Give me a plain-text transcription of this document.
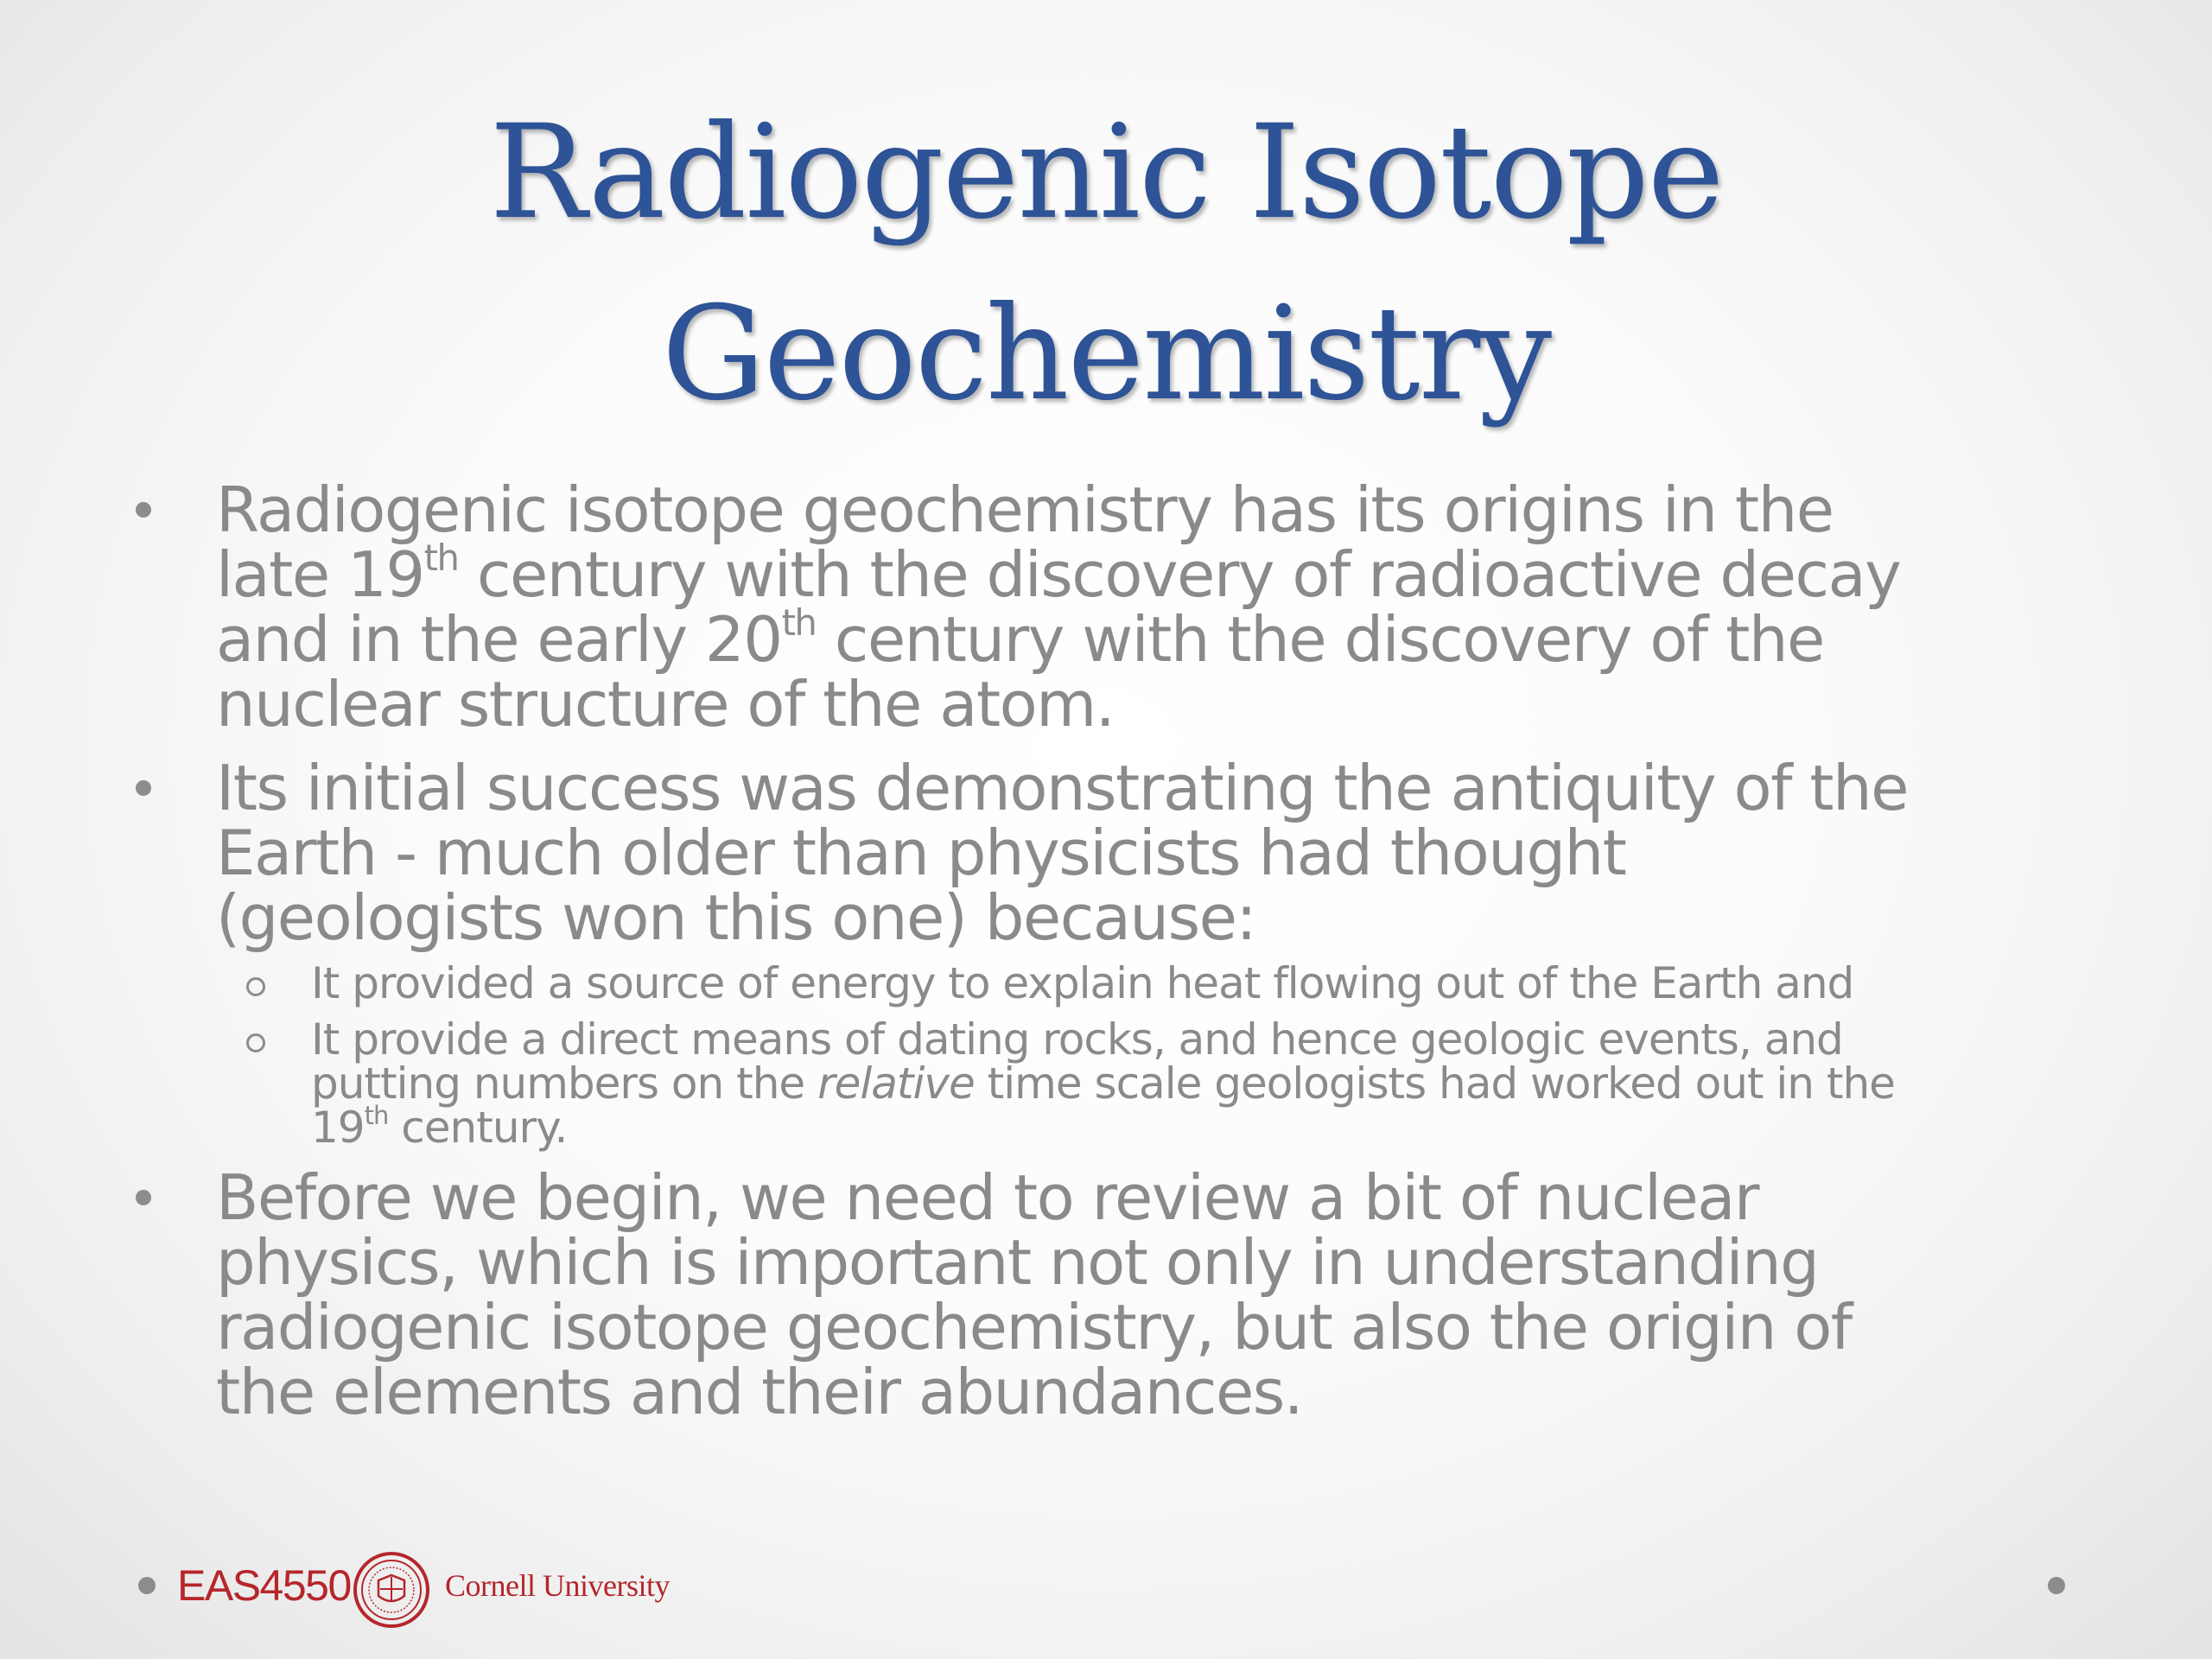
Radiogenic Isotope
Geochemistry
Radiogenic isotope geochemistry has its origins in the
late 19th century with the discovery of radioactive decay
and in the early 20th century with the discovery of the
nuclear structure of the atom.
Its initial success was demonstrating the antiquity of the
Earth - much older than physicists had thought
(geologists won this one) because:
It provided a source of energy to explain heat flowing out of the Earth and
It provide a direct means of dating rocks, and hence geologic events, and
putting numbers on the relative time scale geologists had worked out in the
19th century.
Before we begin, we need to review a bit of nuclear
physics, which is important not only in understanding
radiogenic isotope geochemistry, but also the origin of
the elements and their abundances.
EAS4550	Cornell University
